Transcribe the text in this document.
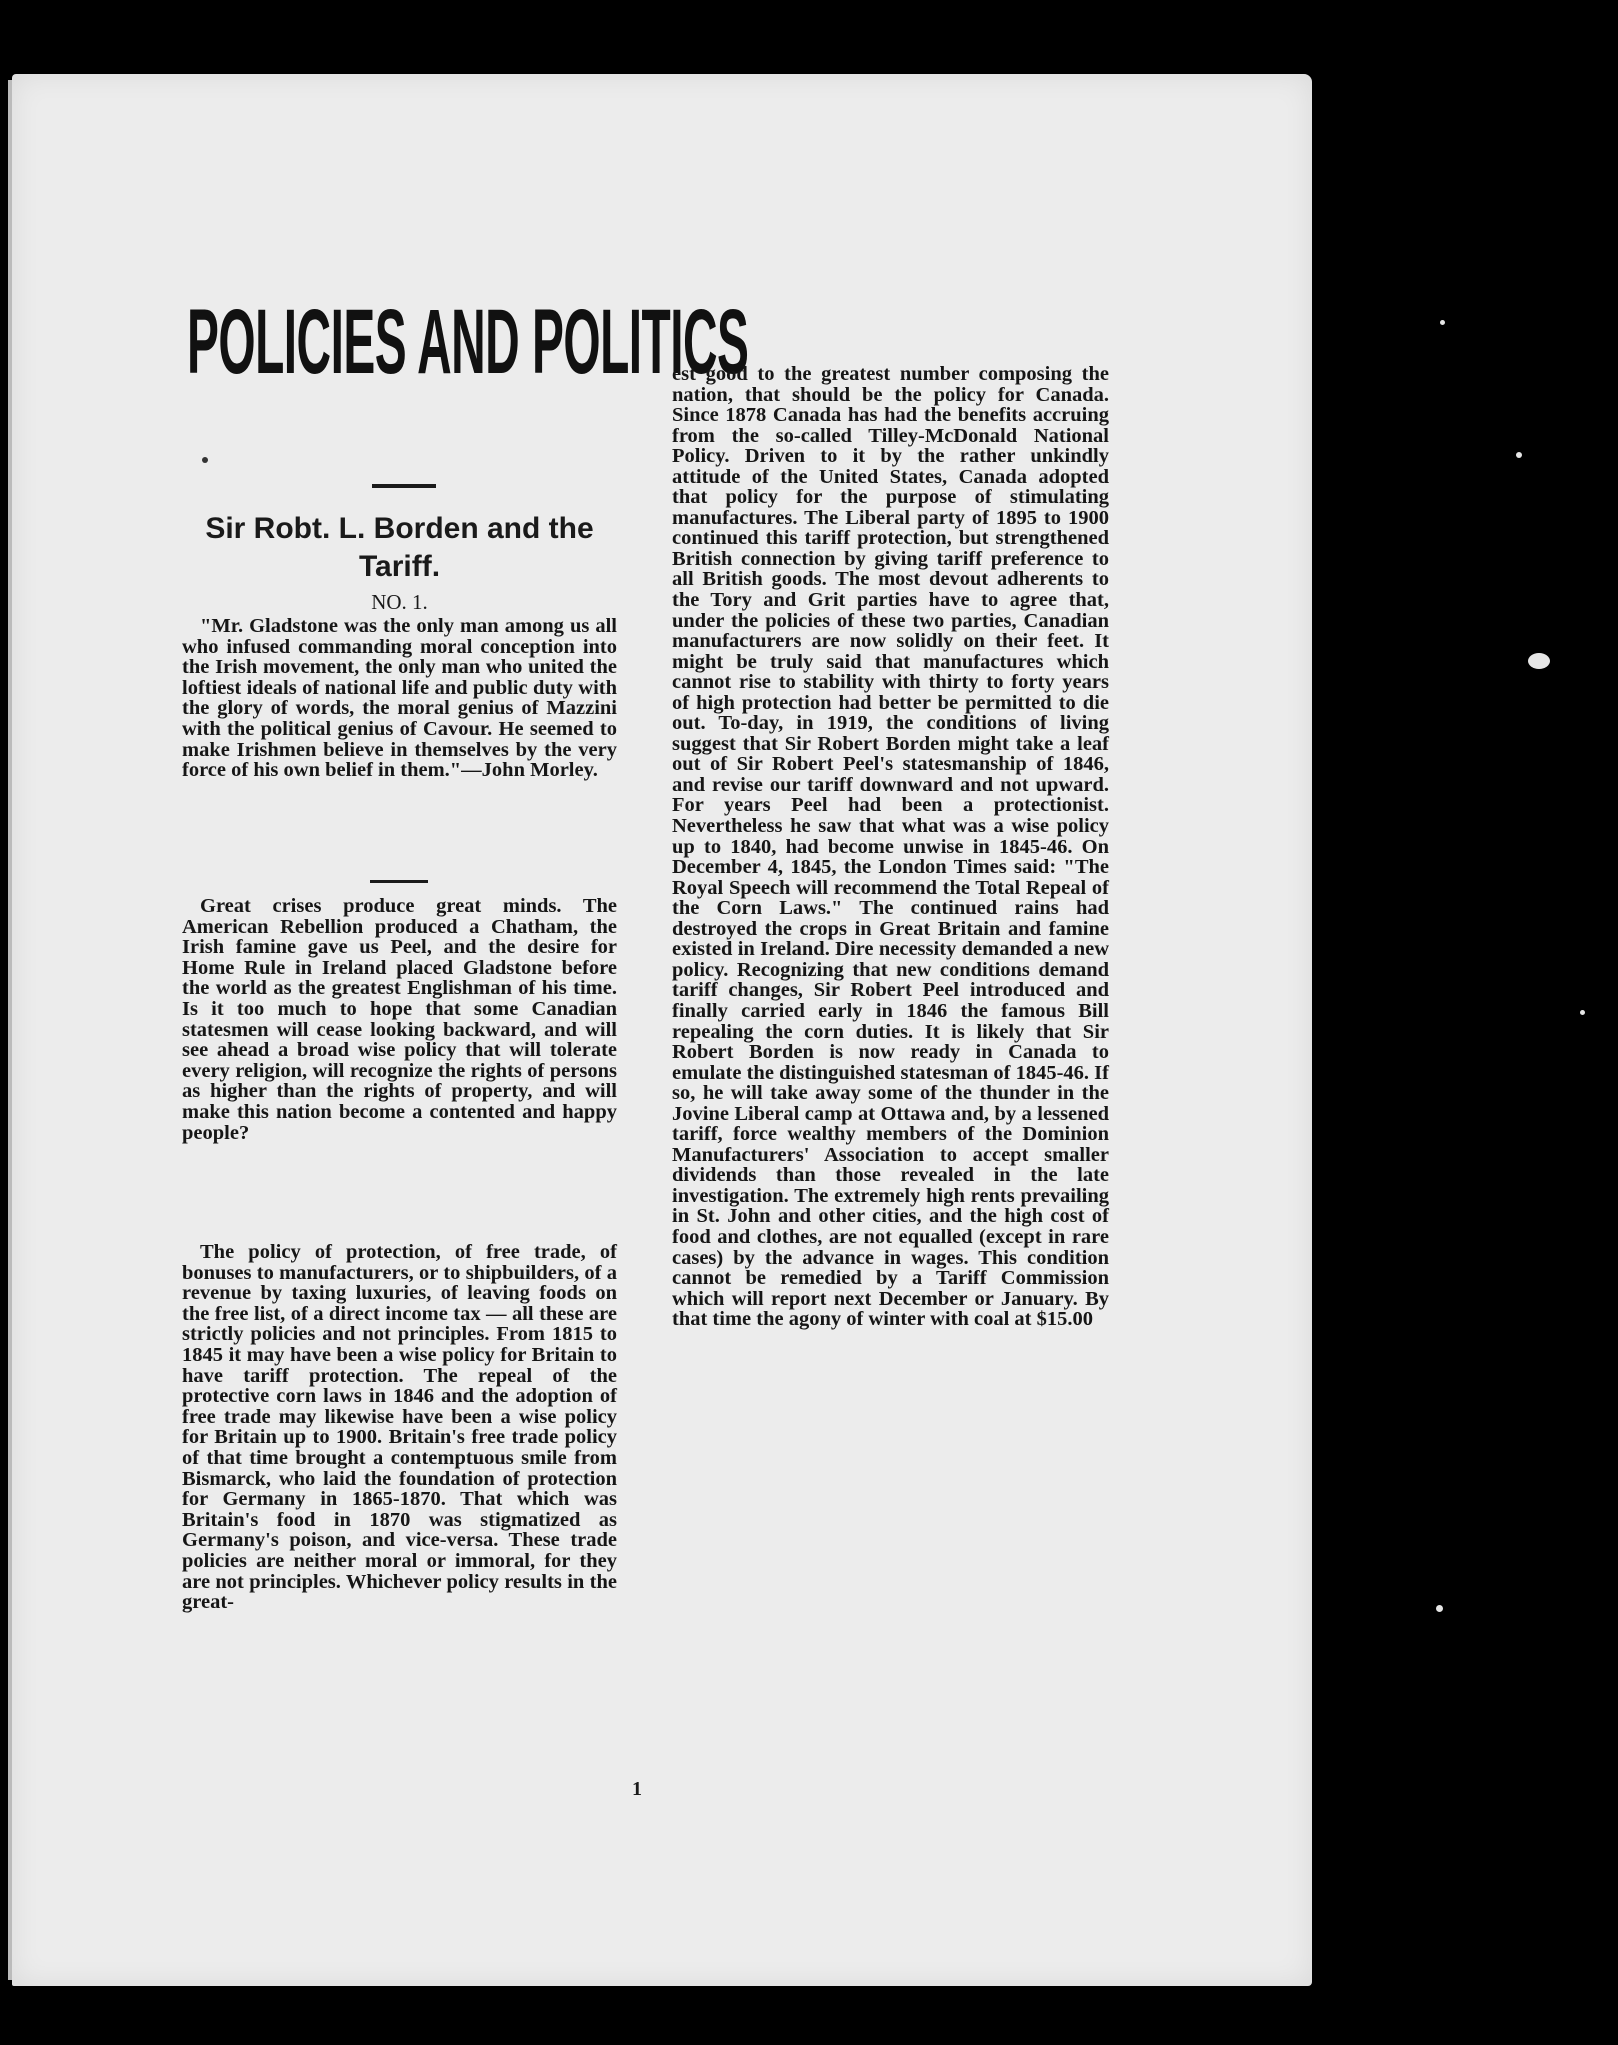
POLICIES AND POLITICS
Sir Robt. L. Borden and the Tariff.
NO. 1.

"Mr. Gladstone was the only man among us all who infused commanding moral conception into the Irish movement, the only man who united the loftiest ideals of national life and public duty with the glory of words, the moral genius of Mazzini with the political genius of Cavour. He seemed to make Irishmen believe in themselves by the very force of his own belief in them."—John Morley.

Great crises produce great minds. The American Rebellion produced a Chatham, the Irish famine gave us Peel, and the desire for Home Rule in Ireland placed Gladstone before the world as the greatest Englishman of his time. Is it too much to hope that some Canadian statesmen will cease looking backward, and will see ahead a broad wise policy that will tolerate every religion, will recognize the rights of persons as higher than the rights of property, and will make this nation become a contented and happy people?

The policy of protection, of free trade, of bonuses to manufacturers, or to shipbuilders, of a revenue by taxing luxuries, of leaving foods on the free list, of a direct income tax — all these are strictly policies and not principles. From 1815 to 1845 it may have been a wise policy for Britain to have tariff protection. The repeal of the protective corn laws in 1846 and the adoption of free trade may likewise have been a wise policy for Britain up to 1900. Britain's free trade policy of that time brought a contemptuous smile from Bismarck, who laid the foundation of protection for Germany in 1865-1870. That which was Britain's food in 1870 was stigmatized as Germany's poison, and vice-versa. These trade policies are neither moral or immoral, for they are not principles. Whichever policy results in the great-

est good to the greatest number composing the nation, that should be the policy for Canada. Since 1878 Canada has had the benefits accruing from the so-called Tilley-McDonald National Policy. Driven to it by the rather unkindly attitude of the United States, Canada adopted that policy for the purpose of stimulating manufactures. The Liberal party of 1895 to 1900 continued this tariff protection, but strengthened British connection by giving tariff preference to all British goods. The most devout adherents to the Tory and Grit parties have to agree that, under the policies of these two parties, Canadian manufacturers are now solidly on their feet. It might be truly said that manufactures which cannot rise to stability with thirty to forty years of high protection had better be permitted to die out. To-day, in 1919, the conditions of living suggest that Sir Robert Borden might take a leaf out of Sir Robert Peel's statesmanship of 1846, and revise our tariff downward and not upward. For years Peel had been a protectionist. Nevertheless he saw that what was a wise policy up to 1840, had become unwise in 1845-46. On December 4, 1845, the London Times said: "The Royal Speech will recommend the Total Repeal of the Corn Laws." The continued rains had destroyed the crops in Great Britain and famine existed in Ireland. Dire necessity demanded a new policy. Recognizing that new conditions demand tariff changes, Sir Robert Peel introduced and finally carried early in 1846 the famous Bill repealing the corn duties. It is likely that Sir Robert Borden is now ready in Canada to emulate the distinguished statesman of 1845-46. If so, he will take away some of the thunder in the Jovine Liberal camp at Ottawa and, by a lessened tariff, force wealthy members of the Dominion Manufacturers' Association to accept smaller dividends than those revealed in the late investigation. The extremely high rents prevailing in St. John and other cities, and the high cost of food and clothes, are not equalled (except in rare cases) by the advance in wages. This condition cannot be remedied by a Tariff Commission which will report next December or January. By that time the agony of winter with coal at $15.00

1
